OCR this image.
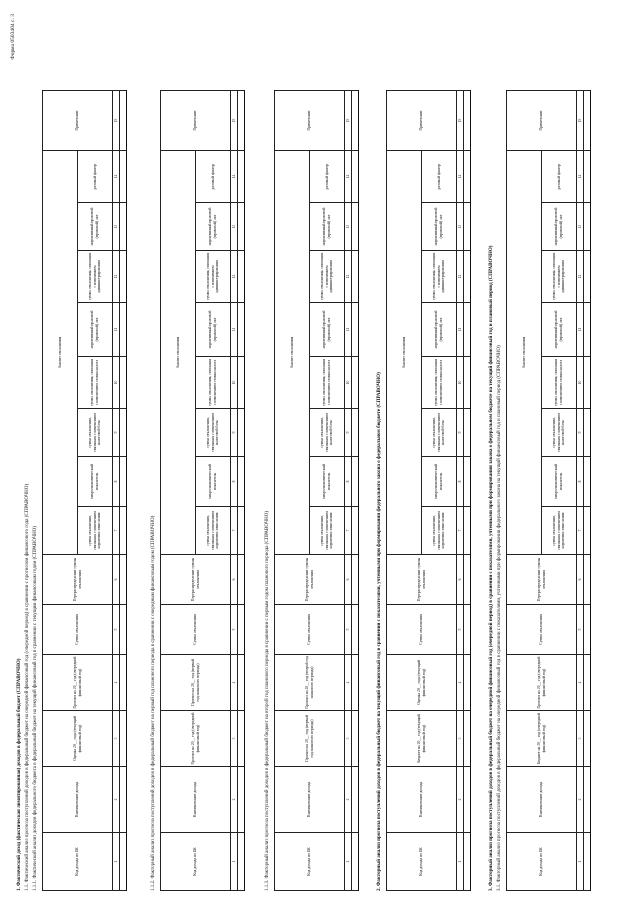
Форма 0503404 с. 3
1. Фактический доход (фактическая лимитированная) доходов в федеральный бюджет (СПРАВОЧНО) 1.1. Фактический анализ прогноза поступлений доходов в федеральный бюджет на очередной финансовый год (очередной период) в сравнении с прогнозом финансового года (СПРАВОЧНО) 1.1.1. Фактический анализ доходов федерального бюджета в федеральный бюджет на текущий финансовый год в сравнении с текущим финансовым годом (СПРАВОЧНО)	Код дохода по БК	Наименование дохода	Оценка 20__ года (текущий финансовый год)	Прогноз на 20__ год (очередной финансовый год)	Сумма отклонения	Перераспределение суммы отклонения	Анализ отклонения								Примечание
						сумма отклонения, связанная с изменением норматива зачисления	макроэкономический показатель	сумма отклонения, связанная с изменением налоговой базы	сумма отклонения, связанная с изменением ставки налога	нормативный правовой (правовой) акт	сумма отклонения, связанная с изменением администрирования	нормативный правовой (правовой) акт	разовый фактор	
1	2	3	4	5	6	7	8	9	10	11	12	13	14	15

Код дохода по БК	Наименование дохода	Прогноз на 20__ год (очередной финансовый год)	Прогноз на 20__ год (первый год планового периода)	Сумма отклонения	Перераспределение суммы отклонения	Анализ отклонения								Примечание
						сумма отклонения, связанная с изменением норматива зачисления	макроэкономический показатель	сумма отклонения, связанная с изменением налоговой базы	сумма отклонения, связанная с изменением ставки налога	нормативный правовой (правовой) акт	сумма отклонения, связанная с изменением администрирования	нормативный правовой (правовой) акт	разовый фактор	
1	2	3	4	5	6	7	8	9	10	11	12	13	14	15

Код дохода по БК	Наименование дохода	Прогноз на 20__ год (первый год планового периода)	Прогноз на 20__ год (второй год планового периода)	Сумма отклонения	Перераспределение суммы отклонения	Анализ отклонения								Примечание
						сумма отклонения, связанная с изменением норматива зачисления	макроэкономический показатель	сумма отклонения, связанная с изменением налоговой базы	сумма отклонения, связанная с изменением ставки налога	нормативный правовой (правовой) акт	сумма отклонения, связанная с изменением администрирования	нормативный правовой (правовой) акт	разовый фактор	
1	2	3	4	5	6	7	8	9	10	11	12	13	14	15

Код дохода по БК	Наименование дохода	Бюджет на 20__ год (текущий финансовый год)	Оценка 20__ года (текущий финансовый год)	Сумма отклонения	Перераспределение суммы отклонения	Анализ отклонения								Примечание
						сумма отклонения, связанная с изменением норматива зачисления	макроэкономический показатель	сумма отклонения, связанная с изменением налоговой базы	сумма отклонения, связанная с изменением ставки налога	нормативный правовой (правовой) акт	сумма отклонения, связанная с изменением администрирования	нормативный правовой (правовой) акт	разовый фактор	
1	2	3	4	5	6	7	8	9	10	11	12	13	14	15

Код дохода по БК	Наименование дохода	Бюджет на 20__ год (очередной финансовый год)	Прогноз на 20__ год (очередной финансовый год)	Сумма отклонения	Перераспределение суммы отклонения	Анализ отклонения								Примечание
						сумма отклонения, связанная с изменением норматива зачисления	макроэкономический показатель	сумма отклонения, связанная с изменением налоговой базы	сумма отклонения, связанная с изменением ставки налога	нормативный правовой (правовой) акт	сумма отклонения, связанная с изменением администрирования	нормативный правовой (правовой) акт	разовый фактор	
1	2	3	4	5	6	7	8	9	10	11	12	13	14	15

1.1.2. Факторный анализ прогноза поступлений доходов в федеральный бюджет на первый год планового периода в сравнении с очередным финансовым годом (СПРАВОЧНО)	1.1.3. Факторный анализ прогноза поступлений доходов в федеральный бюджет на второй год планового периода в сравнении с первым годом планового периода (СПРАВОЧНО)	2. Факторный анализ прогноза поступлений доходов в федеральный бюджет на текущий финансовый год в сравнении с показателями, учтенными при формировании федерального закона о федеральном бюджете (СПРАВОЧНО)	3. Факторный анализ прогноза поступлений доходов в федеральный бюджет на очередной финансовый год (очередной период) в сравнении с показателями, учтенными при формировании закона о федеральном бюджете на текущий финансовый год и плановый период (СПРАВОЧНО) 3.1. Факторный анализ прогноза поступлений доходов в федеральный бюджет на очередной финансовый год в сравнении с показателями, учтенными при формировании федерального закона на текущий финансовый год и плановый период (СПРАВОЧНО)
